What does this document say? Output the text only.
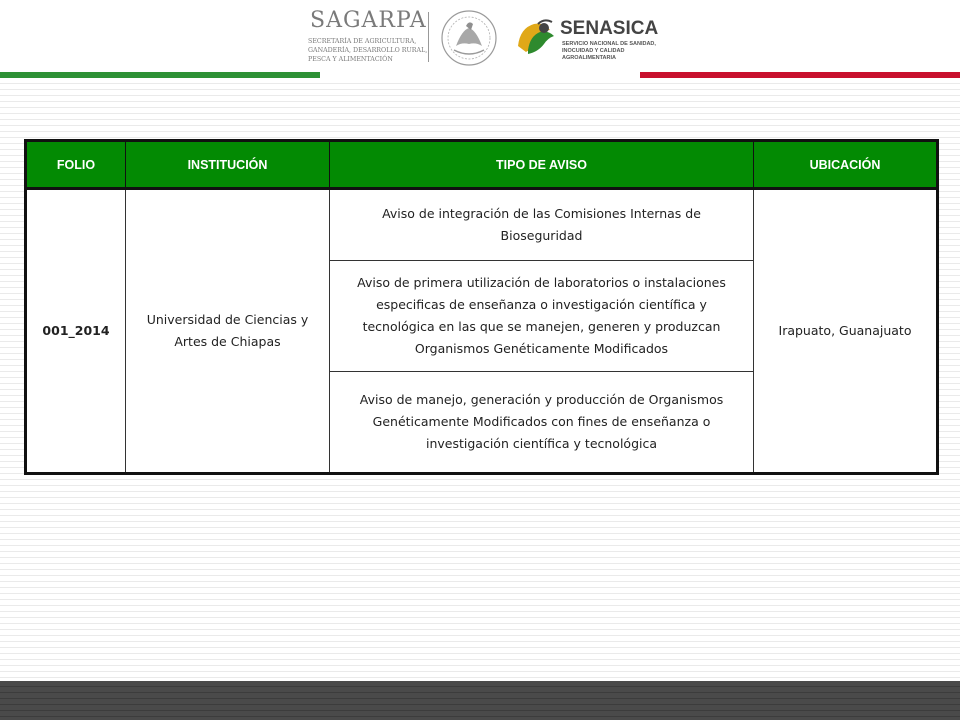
SAGARPA
SECRETARÍA DE AGRICULTURA,
GANADERÍA, DESARROLLO RURAL,
PESCA Y ALIMENTACIÓN
SENASICA
SERVICIO NACIONAL DE SANIDAD,
INOCUIDAD Y CALIDAD
AGROALIMENTARIA
FOLIO	INSTITUCIÓN	TIPO DE AVISO	UBICACIÓN
001_2014	Universidad de Ciencias y Artes de Chiapas	Aviso de integración de las Comisiones Internas de Bioseguridad	Irapuato, Guanajuato
		Aviso de primera utilización de laboratorios o instalaciones especificas de enseñanza o investigación científica y tecnológica en las que se manejen, generen y produzcan Organismos Genéticamente Modificados	
		Aviso de manejo, generación y producción de Organismos Genéticamente Modificados con fines de enseñanza o investigación científica y tecnológica	
